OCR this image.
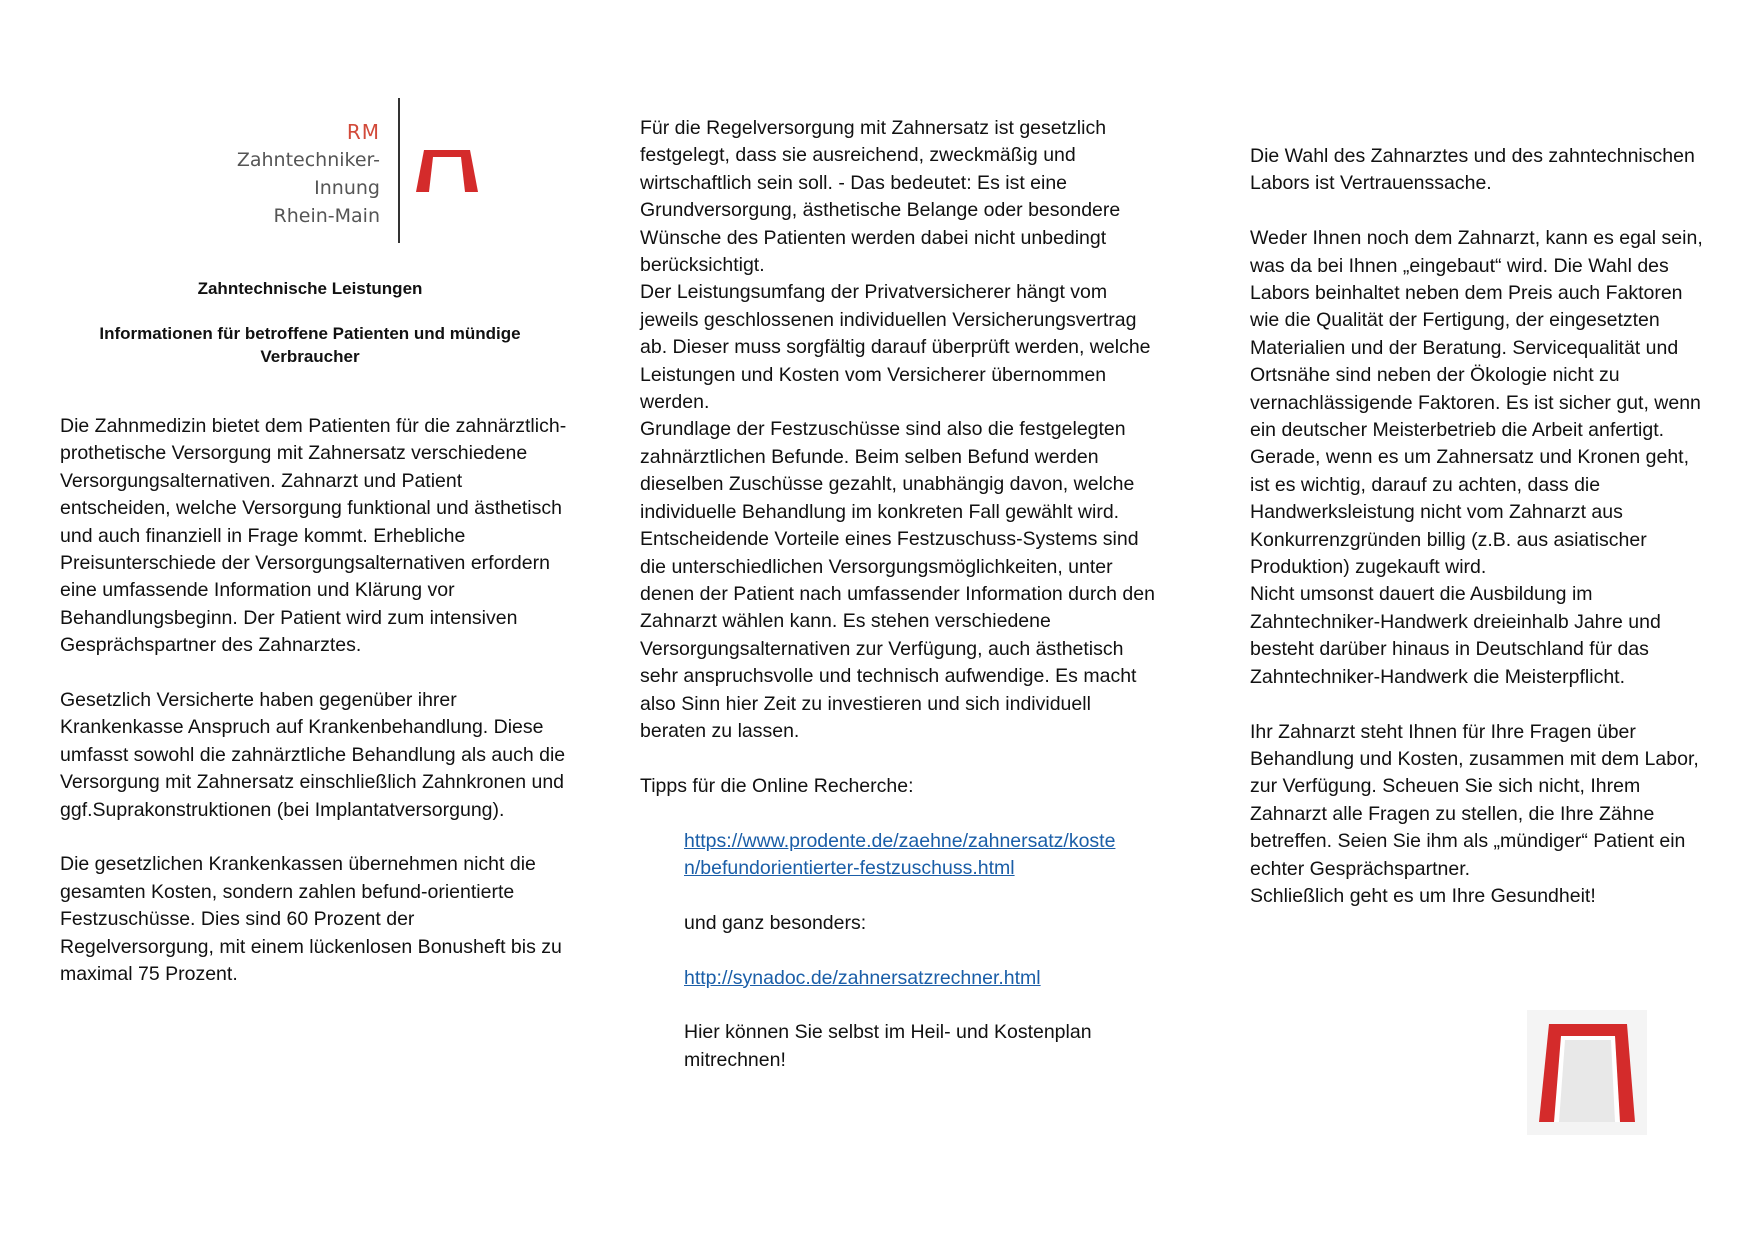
RM
Zahntechniker-
Innung
Rhein-Main
Zahntechnische Leistungen
Informationen für betroffene Patienten und mündige Verbraucher

Die Zahnmedizin bietet dem Patienten für die zahnärztlich-prothetische Versorgung mit Zahnersatz verschiedene Versorgungsalternativen. Zahnarzt und Patient entscheiden, welche Versorgung funktional und ästhetisch und auch finanziell in Frage kommt. Erhebliche Preisunterschiede der Versorgungsalternativen erfordern eine umfassende Information und Klärung vor Behandlungsbeginn. Der Patient wird zum intensiven Gesprächspartner des Zahnarztes.

Gesetzlich Versicherte haben gegenüber ihrer Krankenkasse Anspruch auf Krankenbehandlung. Diese umfasst sowohl die zahnärztliche Behandlung als auch die Versorgung mit Zahnersatz einschließlich Zahnkronen und ggf.Suprakonstruktionen (bei Implantatversorgung).

Die gesetzlichen Krankenkassen übernehmen nicht die gesamten Kosten, sondern zahlen befund-orientierte Festzuschüsse. Dies sind 60 Prozent der Regelversorgung, mit einem lückenlosen Bonusheft bis zu maximal 75 Prozent.

Für die Regelversorgung mit Zahnersatz ist gesetzlich festgelegt, dass sie ausreichend, zweckmäßig und wirtschaftlich sein soll. - Das bedeutet: Es ist eine Grundversorgung, ästhetische Belange oder besondere Wünsche des Patienten werden dabei nicht unbedingt berücksichtigt.

Der Leistungsumfang der Privatversicherer hängt vom jeweils geschlossenen individuellen Versicherungsvertrag ab. Dieser muss sorgfältig darauf überprüft werden, welche Leistungen und Kosten vom Versicherer übernommen werden.

Grundlage der Festzuschüsse sind also die festgelegten zahnärztlichen Befunde. Beim selben Befund werden dieselben Zuschüsse gezahlt, unabhängig davon, welche individuelle Behandlung im konkreten Fall gewählt wird. Entscheidende Vorteile eines Festzuschuss-Systems sind die unterschiedlichen Versorgungsmöglichkeiten, unter denen der Patient nach umfassender Information durch den Zahnarzt wählen kann. Es stehen verschiedene Versorgungsalternativen zur Verfügung, auch ästhetisch sehr anspruchsvolle und technisch aufwendige. Es macht also Sinn hier Zeit zu investieren und sich individuell beraten zu lassen.

Tipps für die Online Recherche:

https://www.prodente.de/zaehne/zahnersatz/koste
n/befundorientierter-festzuschuss.html

und ganz besonders:

http://synadoc.de/zahnersatzrechner.html

Hier können Sie selbst im Heil- und Kostenplan mitrechnen!

Die Wahl des Zahnarztes und des zahntechnischen Labors ist Vertrauenssache.

Weder Ihnen noch dem Zahnarzt, kann es egal sein, was da bei Ihnen „eingebaut“ wird. Die Wahl des Labors beinhaltet neben dem Preis auch Faktoren wie die Qualität der Fertigung, der eingesetzten Materialien und der Beratung. Servicequalität und Ortsnähe sind neben der Ökologie nicht zu vernachlässigende Faktoren. Es ist sicher gut, wenn ein deutscher Meisterbetrieb die Arbeit anfertigt.

Gerade, wenn es um Zahnersatz und Kronen geht, ist es wichtig, darauf zu achten, dass die Handwerksleistung nicht vom Zahnarzt aus Konkurrenzgründen billig (z.B. aus asiatischer Produktion) zugekauft wird.

Nicht umsonst dauert die Ausbildung im Zahntechniker-Handwerk dreieinhalb Jahre und besteht darüber hinaus in Deutschland für das Zahntechniker-Handwerk die Meisterpflicht.

Ihr Zahnarzt steht Ihnen für Ihre Fragen über Behandlung und Kosten, zusammen mit dem Labor, zur Verfügung. Scheuen Sie sich nicht, Ihrem Zahnarzt alle Fragen zu stellen, die Ihre Zähne betreffen. Seien Sie ihm als „mündiger“ Patient ein echter Gesprächspartner.

Schließlich geht es um Ihre Gesundheit!
